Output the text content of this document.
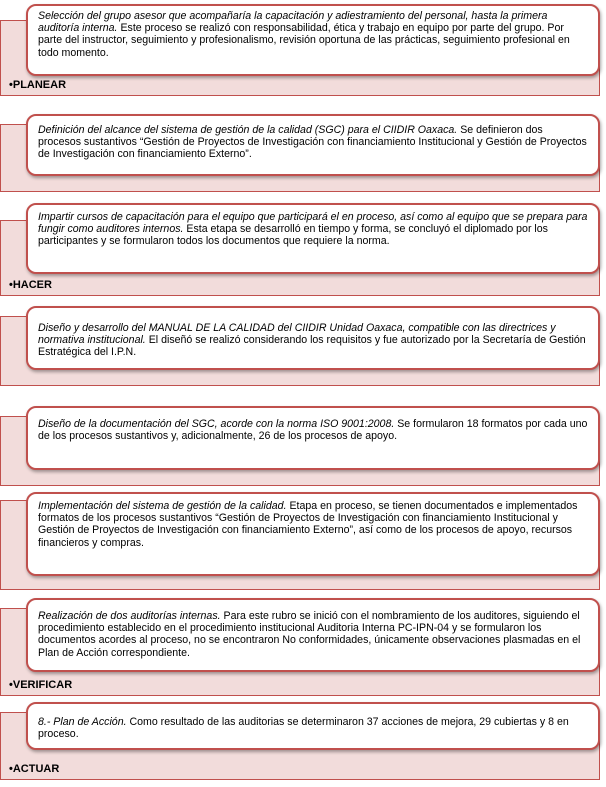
•PLANEAR
Selección del grupo asesor que acompañaría la capacitación y adiestramiento del personal, hasta la primera auditoría interna. Este proceso se realizó con responsabilidad, ética y trabajo en equipo por parte del grupo. Por parte del instructor, seguimiento y profesionalismo, revisión oportuna de las prácticas, seguimiento profesional en todo momento.
Definición del alcance del sistema de gestión de la calidad (SGC) para el CIIDIR Oaxaca. Se definieron dos procesos sustantivos “Gestión de Proyectos de Investigación con financiamiento Institucional y Gestión de Proyectos de Investigación con financiamiento Externo”.
•HACER
Impartir cursos de capacitación para el equipo que participará el en proceso, así como al equipo que se prepara para fungir como auditores internos. Esta etapa se desarrolló en tiempo y forma, se concluyó el diplomado por los participantes y se formularon todos los documentos que requiere la norma.
Diseño y desarrollo del MANUAL DE LA CALIDAD del CIIDIR Unidad Oaxaca, compatible con las directrices y normativa institucional. El diseñó se realizó considerando los requisitos y fue autorizado por la Secretaría de Gestión Estratégica del I.P.N.
Diseño de la documentación del SGC, acorde con la norma ISO 9001:2008. Se formularon 18 formatos por cada uno de los procesos sustantivos y, adicionalmente, 26 de los procesos de apoyo.
Implementación del sistema de gestión de la calidad. Etapa en proceso, se tienen documentados e implementados formatos de los procesos sustantivos “Gestión de Proyectos de Investigación con financiamiento Institucional y Gestión de Proyectos de Investigación con financiamiento Externo”, así como de los procesos de apoyo, recursos financieros y compras.
•VERIFICAR
Realización de dos auditorías internas. Para este rubro se inició con el nombramiento de los auditores, siguiendo el procedimiento establecido en el procedimiento institucional Auditoria Interna PC-IPN-04 y se formularon los documentos acordes al proceso, no se encontraron No conformidades, únicamente observaciones plasmadas en el Plan de Acción correspondiente.
•ACTUAR
8.- Plan de Acción. Como resultado de las auditorias se determinaron 37 acciones de mejora, 29 cubiertas y 8 en proceso.
